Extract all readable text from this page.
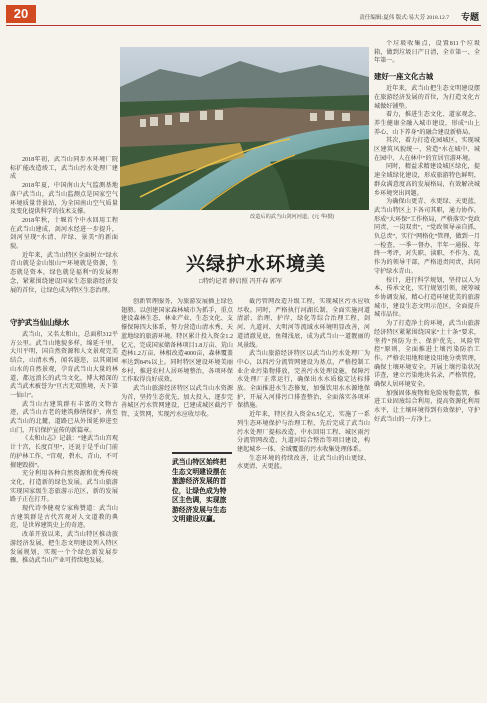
20	责任编辑:夏伟 版式:易大芳 2018.12.7 专题

2018年初，武当山同步水环境厂院标扩能改造竣工，武当山污水处理厂建成

2018年夏，中国南山大气监测基地落户武当山，武当山监测点是国家空气环境质量背景站，为全国南山空气质量及变化提供科学的技术支撑。

2018年秋，十堰首个中水回用工程在武当山建成，剑河水经进一步提升，剑河呈现“水清、岸绿、景美”的新面貌。

近年来，武当山特区全面树立“绿水青山就是金山银山”“环境就是资源，生态就是资本，绿色就是福利”的发展理念，紧紧围绕建设国家生态旅游经济发展的首位，让绿色成为特区生态治理。

改造后的武当山剑河河道。(元 华/摄)
兴绿护水环境美
□特约记者 薛启照 冯开春 郭军
守护武当仙山绿水

武当山，又名太和山，总面积312平方公里。武当山地貌多样，绵延千里，大川平明，国自然资源和人文景观完美结合，山清水秀，闻名遐迩，以其闹园山水的自然景观，孕育武当山大量的林道，都远浪长的武当文化，博大精深的武当武术被誉为“亘古无双胜境，天下第一仙山”。

武当山古建筑群有丰富的文物古迹，武当山古老的建筑修缮保护，南至武当山的北麓，道路已从外围延伸进至山门，开启保护宣传的新篇章。

《太和山志》记载：“建武当山宫观计十宫，长度百里”，还说于是乎山门前的护林工作，“宫观，碧水，青山，不可擅建毁损”。

充分利用各种自然资源和优秀传统文化，打造新的绿色发展，武当山旅游实现国家级生态旅游示范区，新的发展路子正在打开。

现代诗李健观专家称赞道：武当山古建筑群是古代宫观对人文道教的典范，是世界建筑史上的奇迹。

改革开放以来，武当山特区推动旅游经济发展，把生态文明建设列入特区发展规划，实现一个个绿色新发展步骤，推动武当山产业可持续地发展。

创新管理服务，为旅游发展插上绿色翅膀。以创建国家森林城市为抓手，重点建设森林生态、林业产业、生态文化、支撑保障四大体系，努力营造山清水秀、天蓝地绿的旅游环境。特区累计投入资金1.2亿元，完成国家储备林项目1.8万亩、荒山造林1.2万亩、林相改造4000亩，森林覆盖率达到84%以上。同时特区建设环境美丽乡村，推进农村人居环境整治，各项环保工作取得良好成效。

武当山旅游经济特区以武当山水资源为首，坚持生态优先，加大投入，逐步完善城区污水管网建设，已建成城区截污干管、支管网，实现污水应收尽收。

武当山特区始终把生态文明建设摆在旅游经济发展的首位，让绿色成为特区主色调，实现旅游经济发展与生态文明建设双赢。

截污管网改造升级工程，实现城区污水应收尽收。同时，严格执行河湖长制，全面实施河道清淤、治理、护岸、绿化等综合治理工程，剑河、九道河、大明河等流域水环境明显改善，河道清澈见底，鱼翔浅底，成为武当山一道靓丽的风景线。

武当山旅游经济特区以武当山污水处理厂为中心，以四污分流管网建设为基点，严格控制工业企业污染物排放，完善污水处理设施，保障污水处理厂正常运行，确保出水水质稳定达标排放。全面推进水生态修复，加强饮用水水源地保护，开展入河排污口排查整治，全面落实各项环保措施。

近年来，特区投入资金6.5亿元，实施了一系列生态环境保护与治理工程，先后完成了武当山污水处理厂提标改造、中水回用工程、城区雨污分流管网改造、九道河综合整治等项目建设，构建起城乡一体、全域覆盖的污水收集处理体系。

生态环境的持续改善，让武当山的山更绿、水更清、天更蓝。

个垃圾收集点，设置811个垃圾箱，做到垃圾日产日清，全市第一、全年第一。

建好一座文化古城

近年来，武当山把生态文明建设摆在旅游经济发展的首位，为打造文化古城做好铺垫。

着力，推进生态文化、道家观念、养生健康全融入城市建设，形成“山上养心、山下养身”的融合建设新格局。

其次，着力打造花园城区，实现城区建筑风貌统一，营造“水在城中、城在园中、人在林中”的宜居宜游环境。

同时，精益求精建设城区绿化，提速全域绿化建设，形成旅游特色鲜明，群众满意度高的发展格局，有效解决城乡环境突出问题。

为确保山更青、水更绿、天更蓝，武当山特区上下各司其职，通力协作，形成“大环保”工作格局，严格落实“党政同责、一岗双责”，“党政领导亲自抓、负总责”，实行“网格化”管理，做到一月一检查、一季一督办、半年一通报、年终一考评，对失职、渎职、不作为、乱作为的领导干部，严格追责问责，共同守护绿水青山。

按计，进行科学规划，坚持以人为本、传承文化，实行规划引领，统筹城乡协调发展，精心打造环境优美的旅游城市，建设生态文明示范区，全面提升城市品位。

为了打造净土的环境，武当山旅游经济特区紧紧围绕国家“土十条”要求，坚持“预防为主、保护优先、风险管控”原则，全面推进土壤污染防治工作。严格农用地和建设用地分类管理，确保土壤环境安全。开展土壤污染状况详查，建立污染地块名录，严格管控，确保人居环境安全。

加强固体废物和危险废物监管，推进工业固废综合利用，提高资源化利用水平，让土壤环境得到有效保护，守护好武当山的一方净土。
